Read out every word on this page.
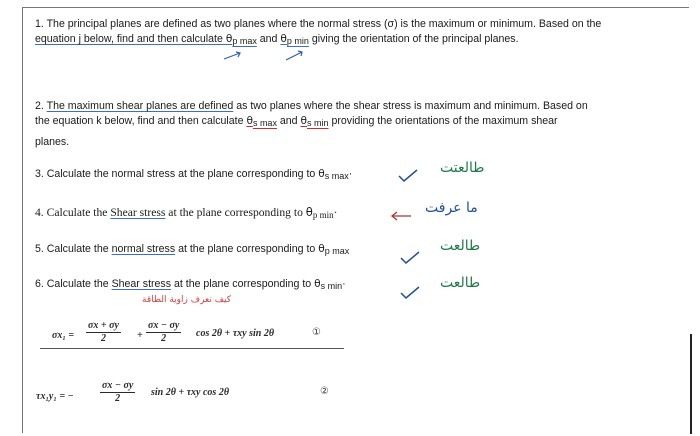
1. The principal planes are defined as two planes where the normal stress (σ) is the maximum or minimum. Based on the
equation j below, find and then calculate $\theta_{p max}$ and $\theta_{p min}$ giving the orientation of the principal planes.
2. The maximum shear planes are defined as two planes where the shear stress is maximum and minimum. Based on
the equation k below, find and then calculate $\theta_{s max}$ and $\theta_{s min}$ providing the orientations of the maximum shear
planes.
3. Calculate the normal stress at the plane corresponding to $\theta_{s max}\cdot$	طالعتت
4. Calculate the Shear stress at the plane corresponding to $\theta_{p min}\cdot$	ما عرفت
5. Calculate the normal stress at the plane corresponding to $\theta_{p max}$	طالعت
6. Calculate the Shear stress at the plane corresponding to $\theta_{s min}\cdot$	طالعت
كيف نعرف زاوية الطاقة
$\sigma x_1 = \frac{\sigma x + \sigma y}{2} + \frac{\sigma x - \sigma y}{2}$ cos 2θ + τxy sin 2θ	①
τx₁y₁ = −	$\frac{\sigma x - \sigma y}{2}$ sin 2θ + τxy cos 2θ	②
